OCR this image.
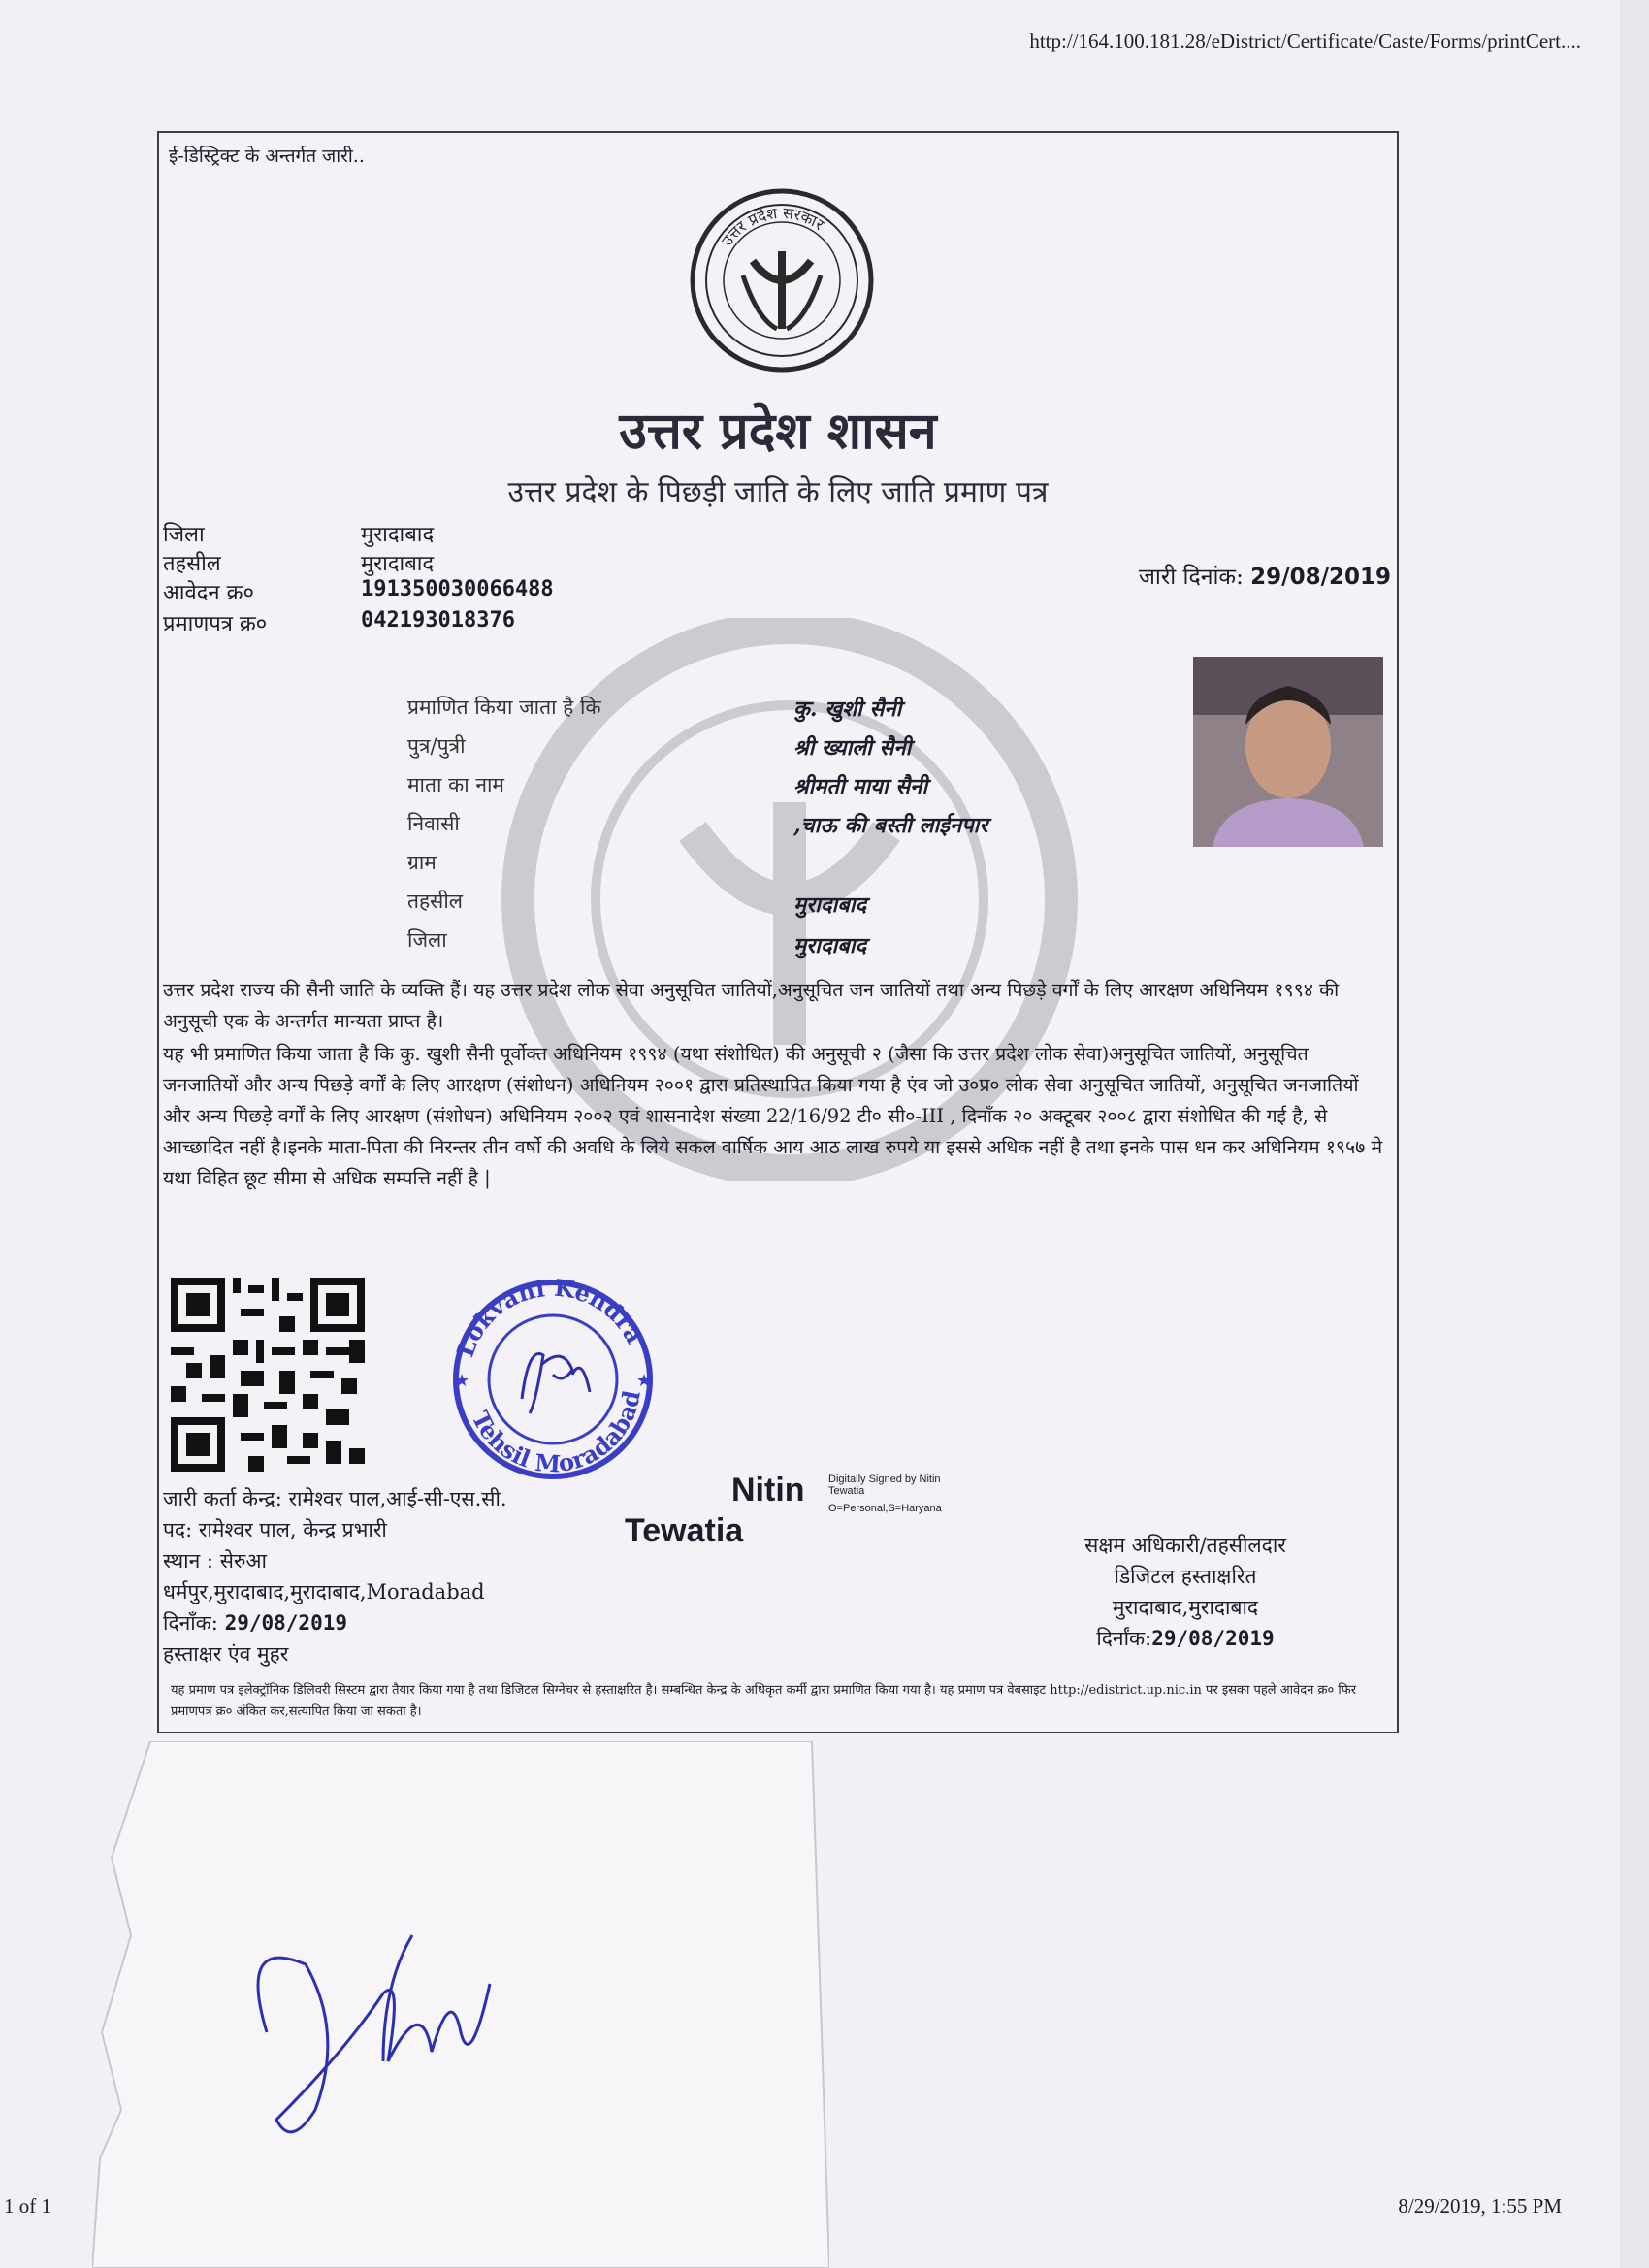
http://164.100.181.28/eDistrict/Certificate/Caste/Forms/printCert....
ई-डिस्ट्रिक्ट के अन्तर्गत जारी..
उत्तर प्रदेश सरकार
उत्तर प्रदेश शासन
उत्तर प्रदेश के पिछड़ी जाति के लिए जाति प्रमाण पत्र
जिला	मुरादाबाद
तहसील	मुरादाबाद
आवेदन क्र०	191350030066488
प्रमाणपत्र क्र०	042193018376
जारी दिनांक: 29/08/2019
प्रमाणित किया जाता है कि	कु. खुशी सैनी
पुत्र/पुत्री	श्री ख्याली सैनी
माता का नाम	श्रीमती माया सैनी
निवासी	,चाऊ की बस्ती लाईनपार
ग्राम
तहसील	मुरादाबाद
जिला	मुरादाबाद
उत्तर प्रदेश राज्य की सैनी जाति के व्यक्ति हैं। यह उत्तर प्रदेश लोक सेवा अनुसूचित जातियों,अनुसूचित जन जातियों तथा अन्य पिछड़े वर्गों के लिए आरक्षण अधिनियम १९९४ की अनुसूची एक के अन्तर्गत मान्यता प्राप्त है।
यह भी प्रमाणित किया जाता है कि कु. खुशी सैनी पूर्वोक्त अधिनियम १९९४ (यथा संशोधित) की अनुसूची २ (जैसा कि उत्तर प्रदेश लोक सेवा)अनुसूचित जातियों, अनुसूचित जनजातियों और अन्य पिछड़े वर्गों के लिए आरक्षण (संशोधन) अधिनियम २००१ द्वारा प्रतिस्थापित किया गया है एंव जो उ०प्र० लोक सेवा अनुसूचित जातियों, अनुसूचित जनजातियों और अन्य पिछड़े वर्गों के लिए आरक्षण (संशोधन) अधिनियम २००२ एवं शासनादेश संख्या 22/16/92 टी० सी०-III , दिनाँक २० अक्टूबर २००८ द्वारा संशोधित की गई है, से आच्छादित नहीं है।इनके माता-पिता की निरन्तर तीन वर्षो की अवधि के लिये सकल वार्षिक आय आठ लाख रुपये या इससे अधिक नहीं है तथा इनके पास धन कर अधिनियम १९५७ मे यथा विहित छूट सीमा से अधिक सम्पत्ति नहीं है |
Lokvani Kendra
Tehsil Moradabad
★	★
जारी कर्ता केन्द्र: रामेश्वर पाल,आई-सी-एस.सी.
पद: रामेश्वर पाल, केन्द्र प्रभारी
स्थान : सेरुआ
धर्मपुर,मुरादाबाद,मुरादाबाद,Moradabad
दिनाँक: 29/08/2019
हस्ताक्षर एंव मुहर
Nitin Digitally Signed by Nitin
Tewatia
O=Personal,S=Haryana
Tewatia	सक्षम अधिकारी/तहसीलदार
डिजिटल हस्ताक्षरित
मुरादाबाद,मुरादाबाद
दिर्नांक:29/08/2019
यह प्रमाण पत्र इलेक्ट्रॉनिक डिलिवरी सिस्टम द्वारा तैयार किया गया है तथा डिजिटल सिग्नेचर से हस्ताक्षरित है। सम्बन्धित केन्द्र के अधिकृत कर्मी द्वारा प्रमाणित किया गया है। यह प्रमाण पत्र वेबसाइट http://edistrict.up.nic.in पर इसका पहले आवेदन क्र० फिर प्रमाणपत्र क्र० अंकित कर,सत्यापित किया जा सकता है।
1 of 1	8/29/2019, 1:55 PM
